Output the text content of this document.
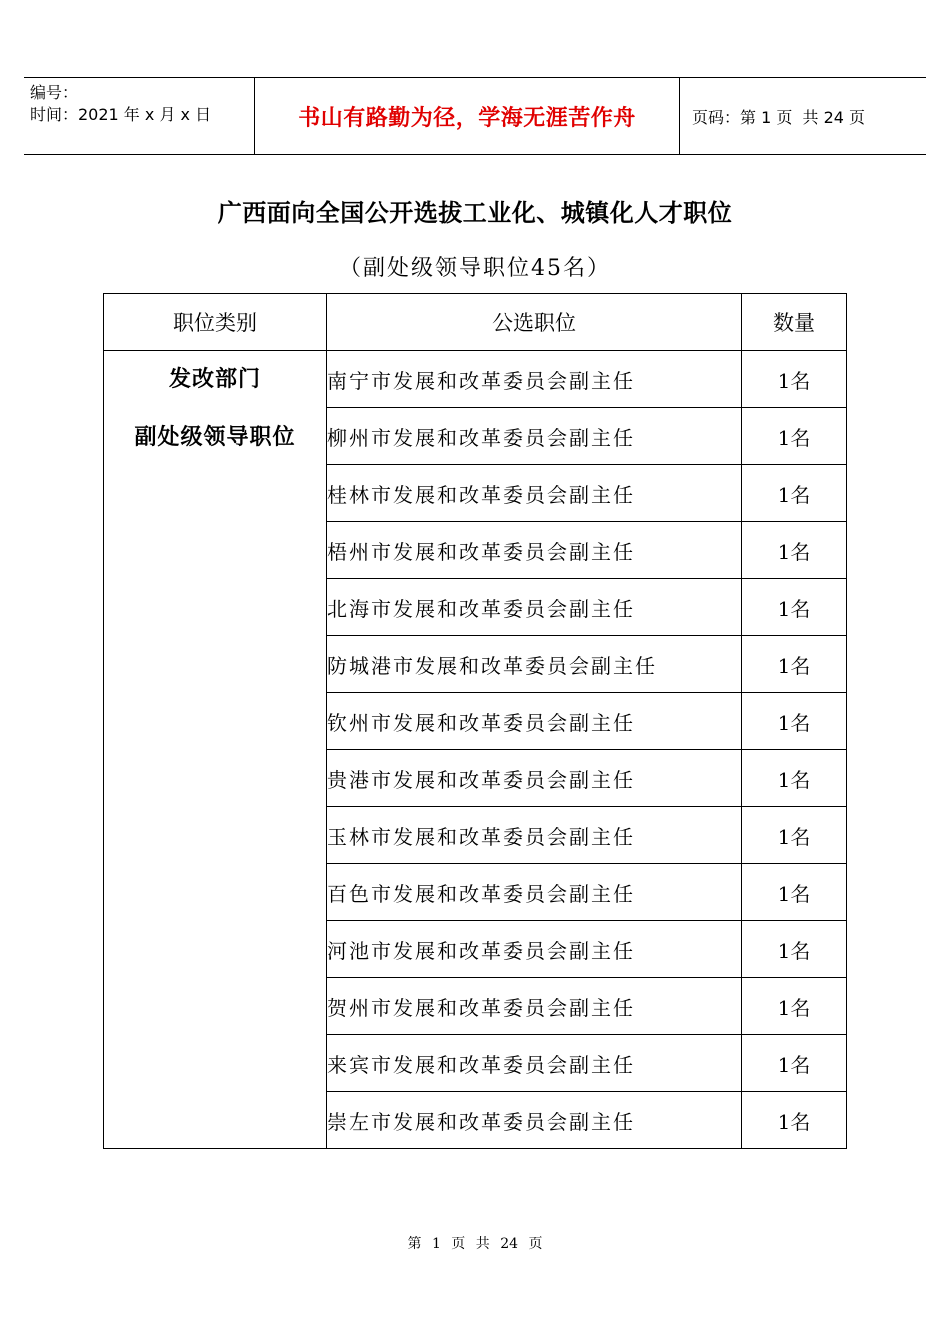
编号：
时间：2021 年 x 月 x 日	书山有路勤为径，学海无涯苦作舟	页码：第 1 页  共 24 页
广西面向全国公开选拔工业化、城镇化人才职位
（副处级领导职位45名）
职位类别	公选职位	数量

发改部门
副处级领导职位	南宁市发展和改革委员会副主任	1名
	柳州市发展和改革委员会副主任	1名
	桂林市发展和改革委员会副主任	1名
	梧州市发展和改革委员会副主任	1名
	北海市发展和改革委员会副主任	1名
	防城港市发展和改革委员会副主任	1名
	钦州市发展和改革委员会副主任	1名
	贵港市发展和改革委员会副主任	1名
	玉林市发展和改革委员会副主任	1名
	百色市发展和改革委员会副主任	1名
	河池市发展和改革委员会副主任	1名
	贺州市发展和改革委员会副主任	1名
	来宾市发展和改革委员会副主任	1名
	崇左市发展和改革委员会副主任	1名
第 1 页 共 24 页
